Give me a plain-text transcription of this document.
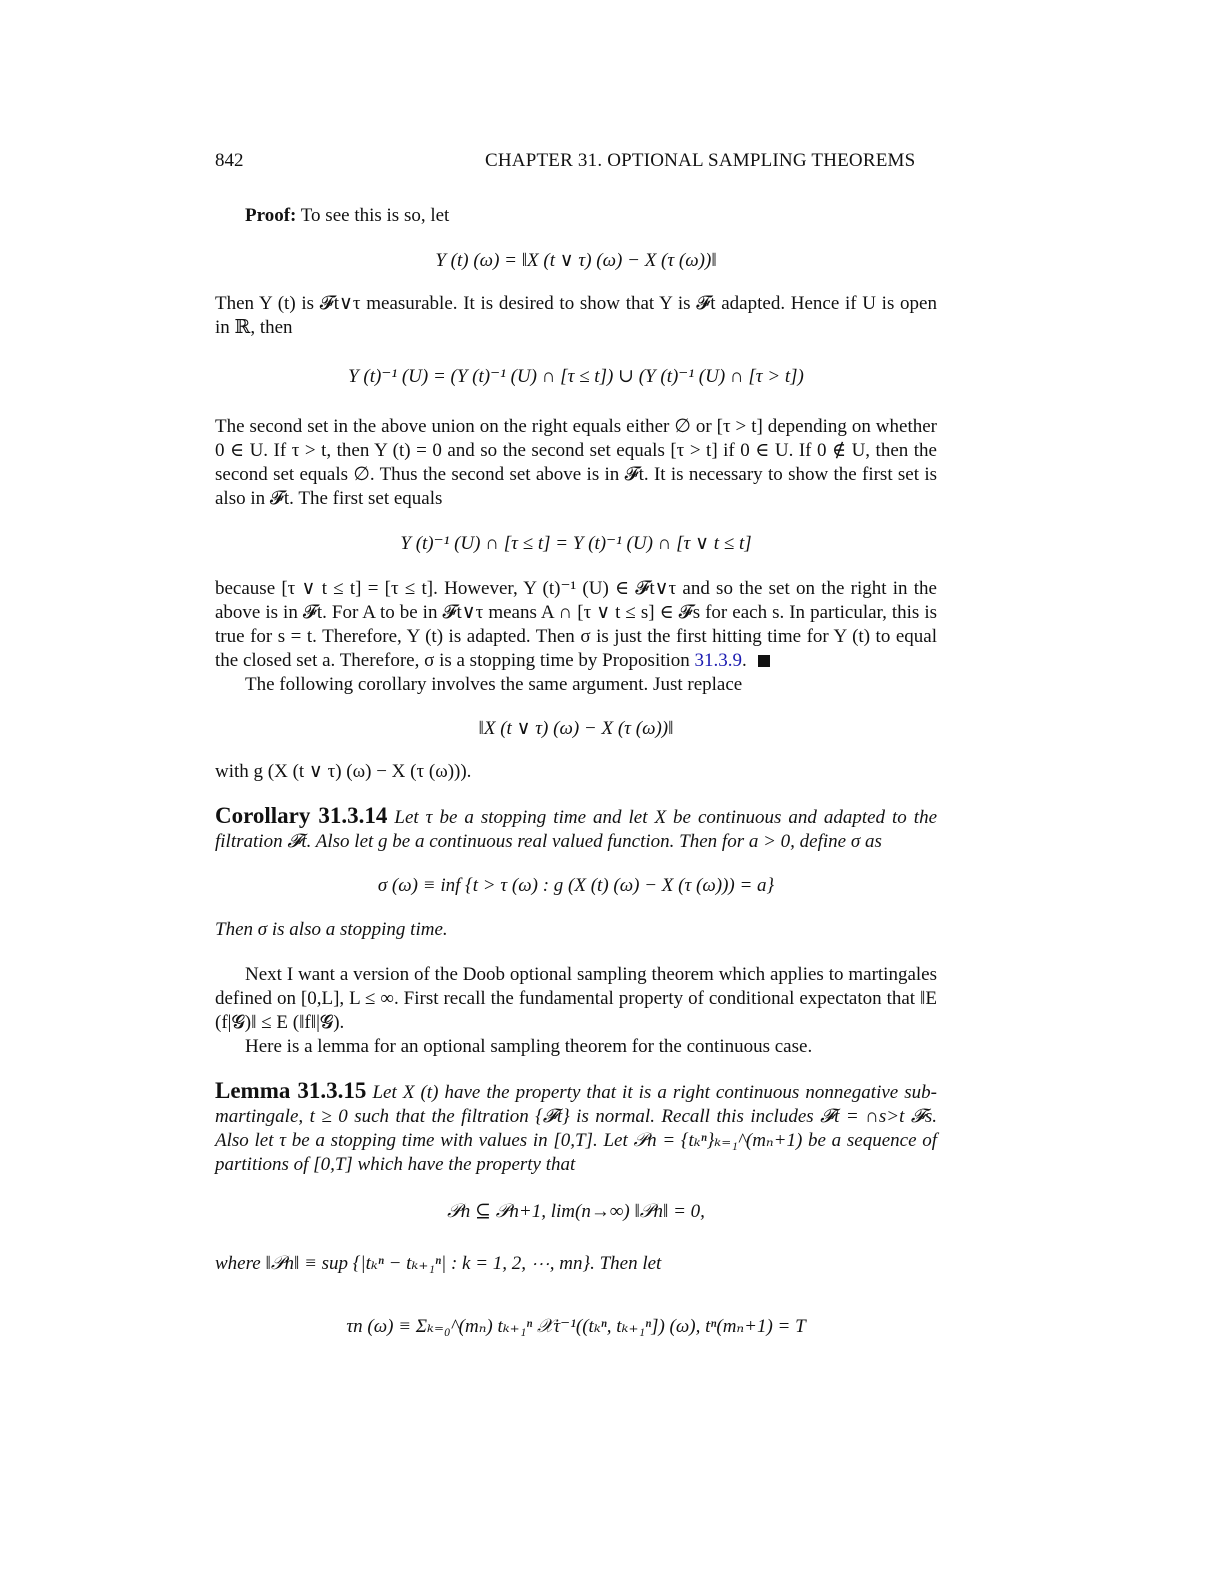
842	CHAPTER 31. OPTIONAL SAMPLING THEOREMS
Proof: To see this is so, let
Y (t) (ω) = ‖X (t ∨ τ) (ω) − X (τ (ω))‖
Then Y (t) is 𝓕t∨τ measurable. It is desired to show that Y is 𝓕t adapted. Hence if U is open in ℝ, then
Y (t)⁻¹ (U) = (Y (t)⁻¹ (U) ∩ [τ ≤ t]) ∪ (Y (t)⁻¹ (U) ∩ [τ > t])
The second set in the above union on the right equals either ∅ or [τ > t] depending on whether 0 ∈ U. If τ > t, then Y (t) = 0 and so the second set equals [τ > t] if 0 ∈ U. If 0 ∉ U, then the second set equals ∅. Thus the second set above is in 𝓕t. It is necessary to show the first set is also in 𝓕t. The first set equals
Y (t)⁻¹ (U) ∩ [τ ≤ t] = Y (t)⁻¹ (U) ∩ [τ ∨ t ≤ t]
because [τ ∨ t ≤ t] = [τ ≤ t]. However, Y (t)⁻¹ (U) ∈ 𝓕t∨τ and so the set on the right in the above is in 𝓕t. For A to be in 𝓕t∨τ means A ∩ [τ ∨ t ≤ s] ∈ 𝓕s for each s. In particular, this is true for s = t. Therefore, Y (t) is adapted. Then σ is just the first hitting time for Y (t) to equal the closed set a. Therefore, σ is a stopping time by Proposition 31.3.9.
The following corollary involves the same argument. Just replace
‖X (t ∨ τ) (ω) − X (τ (ω))‖
with g (X (t ∨ τ) (ω) − X (τ (ω))).
Corollary 31.3.14 Let τ be a stopping time and let X be continuous and adapted to the filtration 𝓕t. Also let g be a continuous real valued function. Then for a > 0, define σ as
σ (ω) ≡ inf {t > τ (ω) : g (X (t) (ω) − X (τ (ω))) = a}
Then σ is also a stopping time.
Next I want a version of the Doob optional sampling theorem which applies to martingales defined on [0,L], L ≤ ∞. First recall the fundamental property of conditional expectaton that ‖E (f|𝓖)‖ ≤ E (‖f‖|𝓖).
Here is a lemma for an optional sampling theorem for the continuous case.
Lemma 31.3.15 Let X (t) have the property that it is a right continuous nonnegative sub-martingale, t ≥ 0 such that the filtration {𝓕t} is normal. Recall this includes 𝓕t = ∩s>t 𝓕s. Also let τ be a stopping time with values in [0,T]. Let 𝒫n = {tₖⁿ}ₖ₌₁^(mₙ+1) be a sequence of partitions of [0,T] which have the property that
𝒫n ⊆ 𝒫n+1, lim(n→∞) ‖𝒫n‖ = 0,
where ‖𝒫n‖ ≡ sup {|tₖⁿ − tₖ₊₁ⁿ| : k = 1, 2, ⋯, mn}. Then let
τn (ω) ≡ Σₖ₌₀^(mₙ) tₖ₊₁ⁿ 𝒳τ⁻¹((tₖⁿ, tₖ₊₁ⁿ]) (ω), tⁿ(mₙ+1) = T
